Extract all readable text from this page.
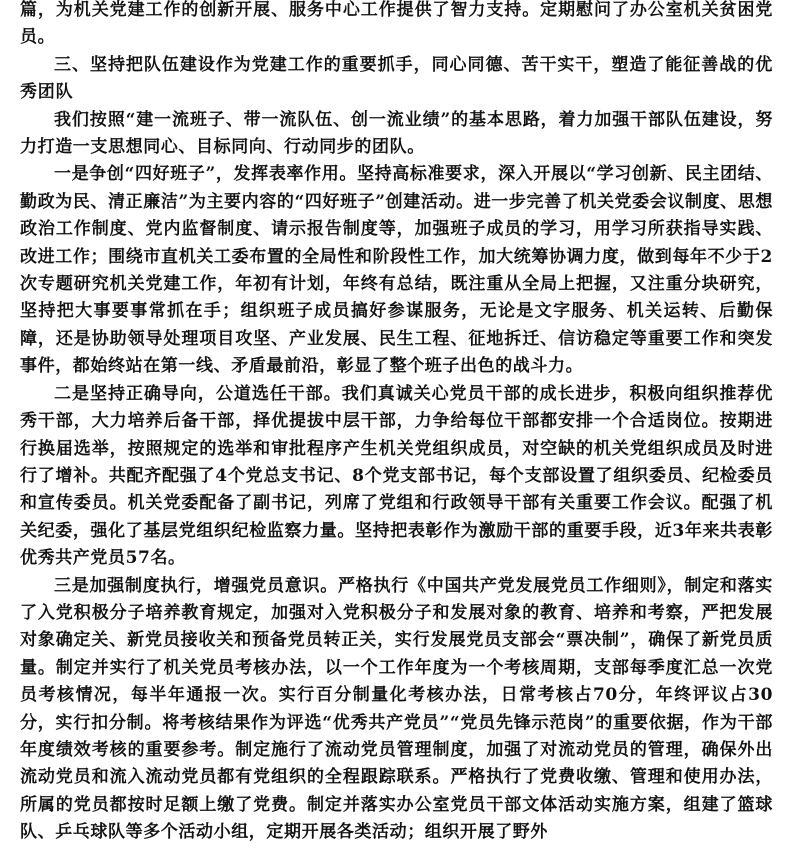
篇，为机关党建工作的创新开展、服务中心工作提供了智力支持。定期慰问了办公室机关贫困党员。

三、坚持把队伍建设作为党建工作的重要抓手，同心同德、苦干实干，塑造了能征善战的优秀团队

我们按照“建一流班子、带一流队伍、创一流业绩”的基本思路，着力加强干部队伍建设，努力打造一支思想同心、目标同向、行动同步的团队。

一是争创“四好班子”，发挥表率作用。坚持高标准要求，深入开展以“学习创新、民主团结、勤政为民、清正廉洁”为主要内容的“四好班子”创建活动。进一步完善了机关党委会议制度、思想政治工作制度、党内监督制度、请示报告制度等，加强班子成员的学习，用学习所获指导实践、改进工作；围绕市直机关工委布置的全局性和阶段性工作，加大统筹协调力度，做到每年不少于2次专题研究机关党建工作，年初有计划，年终有总结，既注重从全局上把握，又注重分块研究，坚持把大事要事常抓在手；组织班子成员搞好参谋服务，无论是文字服务、机关运转、后勤保障，还是协助领导处理项目攻坚、产业发展、民生工程、征地拆迁、信访稳定等重要工作和突发事件，都始终站在第一线、矛盾最前沿，彰显了整个班子出色的战斗力。

二是坚持正确导向，公道选任干部。我们真诚关心党员干部的成长进步，积极向组织推荐优秀干部，大力培养后备干部，择优提拔中层干部，力争给每位干部都安排一个合适岗位。按期进行换届选举，按照规定的选举和审批程序产生机关党组织成员，对空缺的机关党组织成员及时进行了增补。共配齐配强了4个党总支书记、8个党支部书记，每个支部设置了组织委员、纪检委员和宣传委员。机关党委配备了副书记，列席了党组和行政领导干部有关重要工作会议。配强了机关纪委，强化了基层党组织纪检监察力量。坚持把表彰作为激励干部的重要手段，近3年来共表彰优秀共产党员57名。

三是加强制度执行，增强党员意识。严格执行《中国共产党发展党员工作细则》，制定和落实了入党积极分子培养教育规定，加强对入党积极分子和发展对象的教育、培养和考察，严把发展对象确定关、新党员接收关和预备党员转正关，实行发展党员支部会“票决制”，确保了新党员质量。制定并实行了机关党员考核办法，以一个工作年度为一个考核周期，支部每季度汇总一次党员考核情况，每半年通报一次。实行百分制量化考核办法，日常考核占70分，年终评议占30分，实行扣分制。将考核结果作为评选“优秀共产党员”“党员先锋示范岗”的重要依据，作为干部年度绩效考核的重要参考。制定施行了流动党员管理制度，加强了对流动党员的管理，确保外出流动党员和流入流动党员都有党组织的全程跟踪联系。严格执行了党费收缴、管理和使用办法，所属的党员都按时足额上缴了党费。制定并落实办公室党员干部文体活动实施方案，组建了篮球队、乒乓球队等多个活动小组，定期开展各类活动；组织开展了野外
